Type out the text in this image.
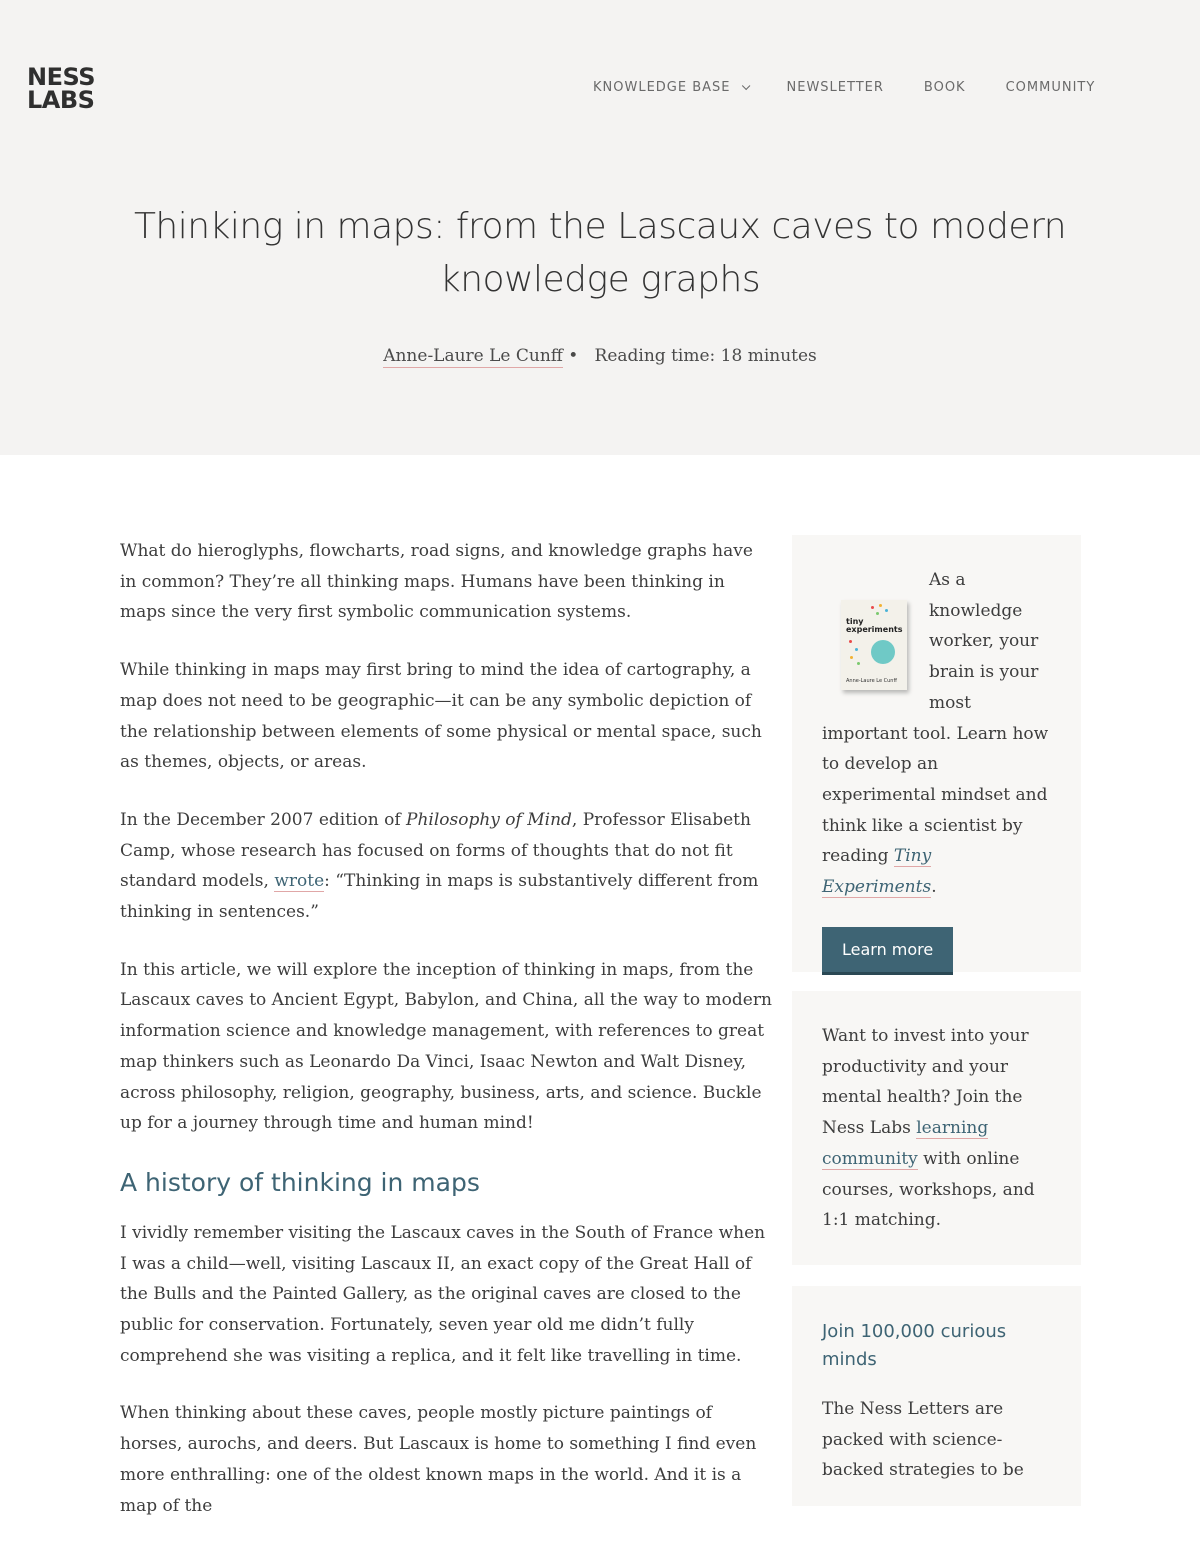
NESS
LABS	KNOWLEDGE BASE	NEWSLETTER	BOOK	COMMUNITY
Thinking in maps: from the Lascaux caves to modern knowledge graphs
Anne-Laure Le Cunff • Reading time: 18 minutes

What do hieroglyphs, flowcharts, road signs, and knowledge graphs have in common? They’re all thinking maps. Humans have been thinking in maps since the very first symbolic communication systems.

While thinking in maps may first bring to mind the idea of cartography, a map does not need to be geographic—it can be any symbolic depiction of the relationship between elements of some physical or mental space, such as themes, objects, or areas.

In the December 2007 edition of Philosophy of Mind, Professor Elisabeth Camp, whose research has focused on forms of thoughts that do not fit standard models, wrote: “Thinking in maps is substantively different from thinking in sentences.”

In this article, we will explore the inception of thinking in maps, from the Lascaux caves to Ancient Egypt, Babylon, and China, all the way to modern information science and knowledge management, with references to great map thinkers such as Leonardo Da Vinci, Isaac Newton and Walt Disney, across philosophy, religion, geography, business, arts, and science. Buckle up for a journey through time and human mind!

A history of thinking in maps

I vividly remember visiting the Lascaux caves in the South of France when I was a child—well, visiting Lascaux II, an exact copy of the Great Hall of the Bulls and the Painted Gallery, as the original caves are closed to the public for conservation. Fortunately, seven year old me didn’t fully comprehend she was visiting a replica, and it felt like travelling in time.

When thinking about these caves, people mostly picture paintings of horses, aurochs, and deers. But Lascaux is home to something I find even more enthralling: one of the oldest known maps in the world. And it is a map of the

tiny experiments
Anne-Laure Le Cunff
As a knowledge worker, your brain is your most important tool. Learn how to develop an experimental mindset and think like a scientist by reading Tiny Experiments.
Learn more
Want to invest into your productivity and your mental health? Join the Ness Labs learning community with online courses, workshops, and 1:1 matching.
Join 100,000 curious minds
The Ness Letters are packed with science-backed strategies to be
